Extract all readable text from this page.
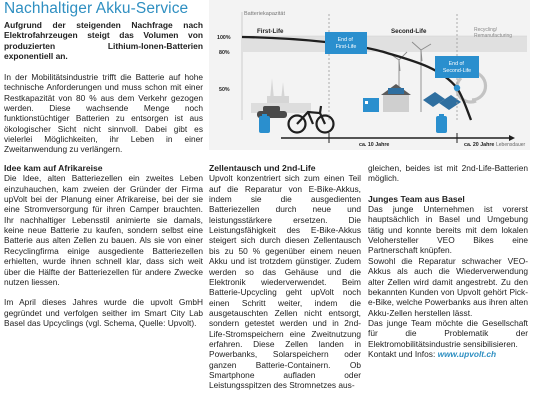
Nachhaltiger Akku-Service

Aufgrund der steigenden Nachfrage nach Elektrofahrzeugen steigt das Volumen von produzierten Lithium-Ionen-Batterien exponentiell an.

In der Mobilitätsindustrie trifft die Batterie auf hohe technische Anforderungen und muss schon mit einer Restkapazität von 80 % aus dem Verkehr gezogen werden. Diese wachsende Menge noch funktionstüchtiger Batterien zu entsorgen ist aus ökologischer Sicht nicht sinnvoll. Dabei gibt es vielerlei Möglichkeiten, ihr Leben in einer Zweitanwendung zu verlängern.

Batteriekapazität
100%
80%
50%
First-Life	Second-Life	Recycling/ Remanufacturing
End of First-Life
End of Second-Life
ca. 10 Jahre	ca. 20 Jahre Lebensdauer
Idee kam auf Afrikareise

Die Idee, alten Batteriezellen ein zweites Leben einzuhauchen, kam zweien der Gründer der Firma upVolt bei der Planung einer Afrikareise, bei der sie eine Stromversorgung für ihren Camper brauchten. Ihr nachhaltiger Lebensstil animierte sie damals, keine neue Batterie zu kaufen, sondern selbst eine Batterie aus alten Zellen zu bauen. Als sie von einer Recyclingfirma einige ausgediente Batteriezellen erhielten, wurde ihnen schnell klar, dass sich weit über die Hälfte der Batteriezellen für andere Zwecke nutzen liessen.

Im April dieses Jahres wurde die upvolt GmbH gegründet und verfolgen seither im Smart City Lab Basel das Upcyclings (vgl. Schema, Quelle: Upvolt).

Zellentausch und 2nd-Life

Upvolt konzentriert sich zum einen Teil auf die Reparatur von E-Bike-Akkus, indem sie die ausgedienten Batteriezellen durch neue und leistungsstärkere ersetzen. Die Leistungsfähigkeit des E-Bike-Akkus steigert sich durch diesen Zellentausch bis zu 50 % gegenüber einem neuen Akku und ist trotzdem günstiger. Zudem werden so das Gehäuse und die Elektronik wiederverwendet. Beim Batterie-Upcycling geht upVolt noch einen Schritt weiter, indem die ausgetauschten Zellen nicht entsorgt, sondern getestet werden und in 2nd-Life-Stromspeichern eine Zweitnutzung erfahren. Diese Zellen landen in Powerbanks, Solarspeichern oder ganzen Batterie-Containern. Ob Smartphone aufladen oder Leistungsspitzen des Stromnetzes aus-

gleichen, beides ist mit 2nd-Life-Batterien möglich.

Junges Team aus Basel

Das junge Unternehmen ist vorerst hauptsächlich in Basel und Umgebung tätig und konnte bereits mit dem lokalen Velohersteller VEO Bikes eine Partnerschaft knüpfen.

Sowohl die Reparatur schwacher VEO-Akkus als auch die Wiederverwendung alter Zellen wird damit angestrebt. Zu den bekannten Kunden von Upvolt gehört Pick-e-Bike, welche Powerbanks aus ihren alten Akku-Zellen herstellen lässt.

Das junge Team möchte die Gesellschaft für die Problematik der Elektromobilitätsindustrie sensibilisieren.

Kontakt und Infos: www.upvolt.ch
